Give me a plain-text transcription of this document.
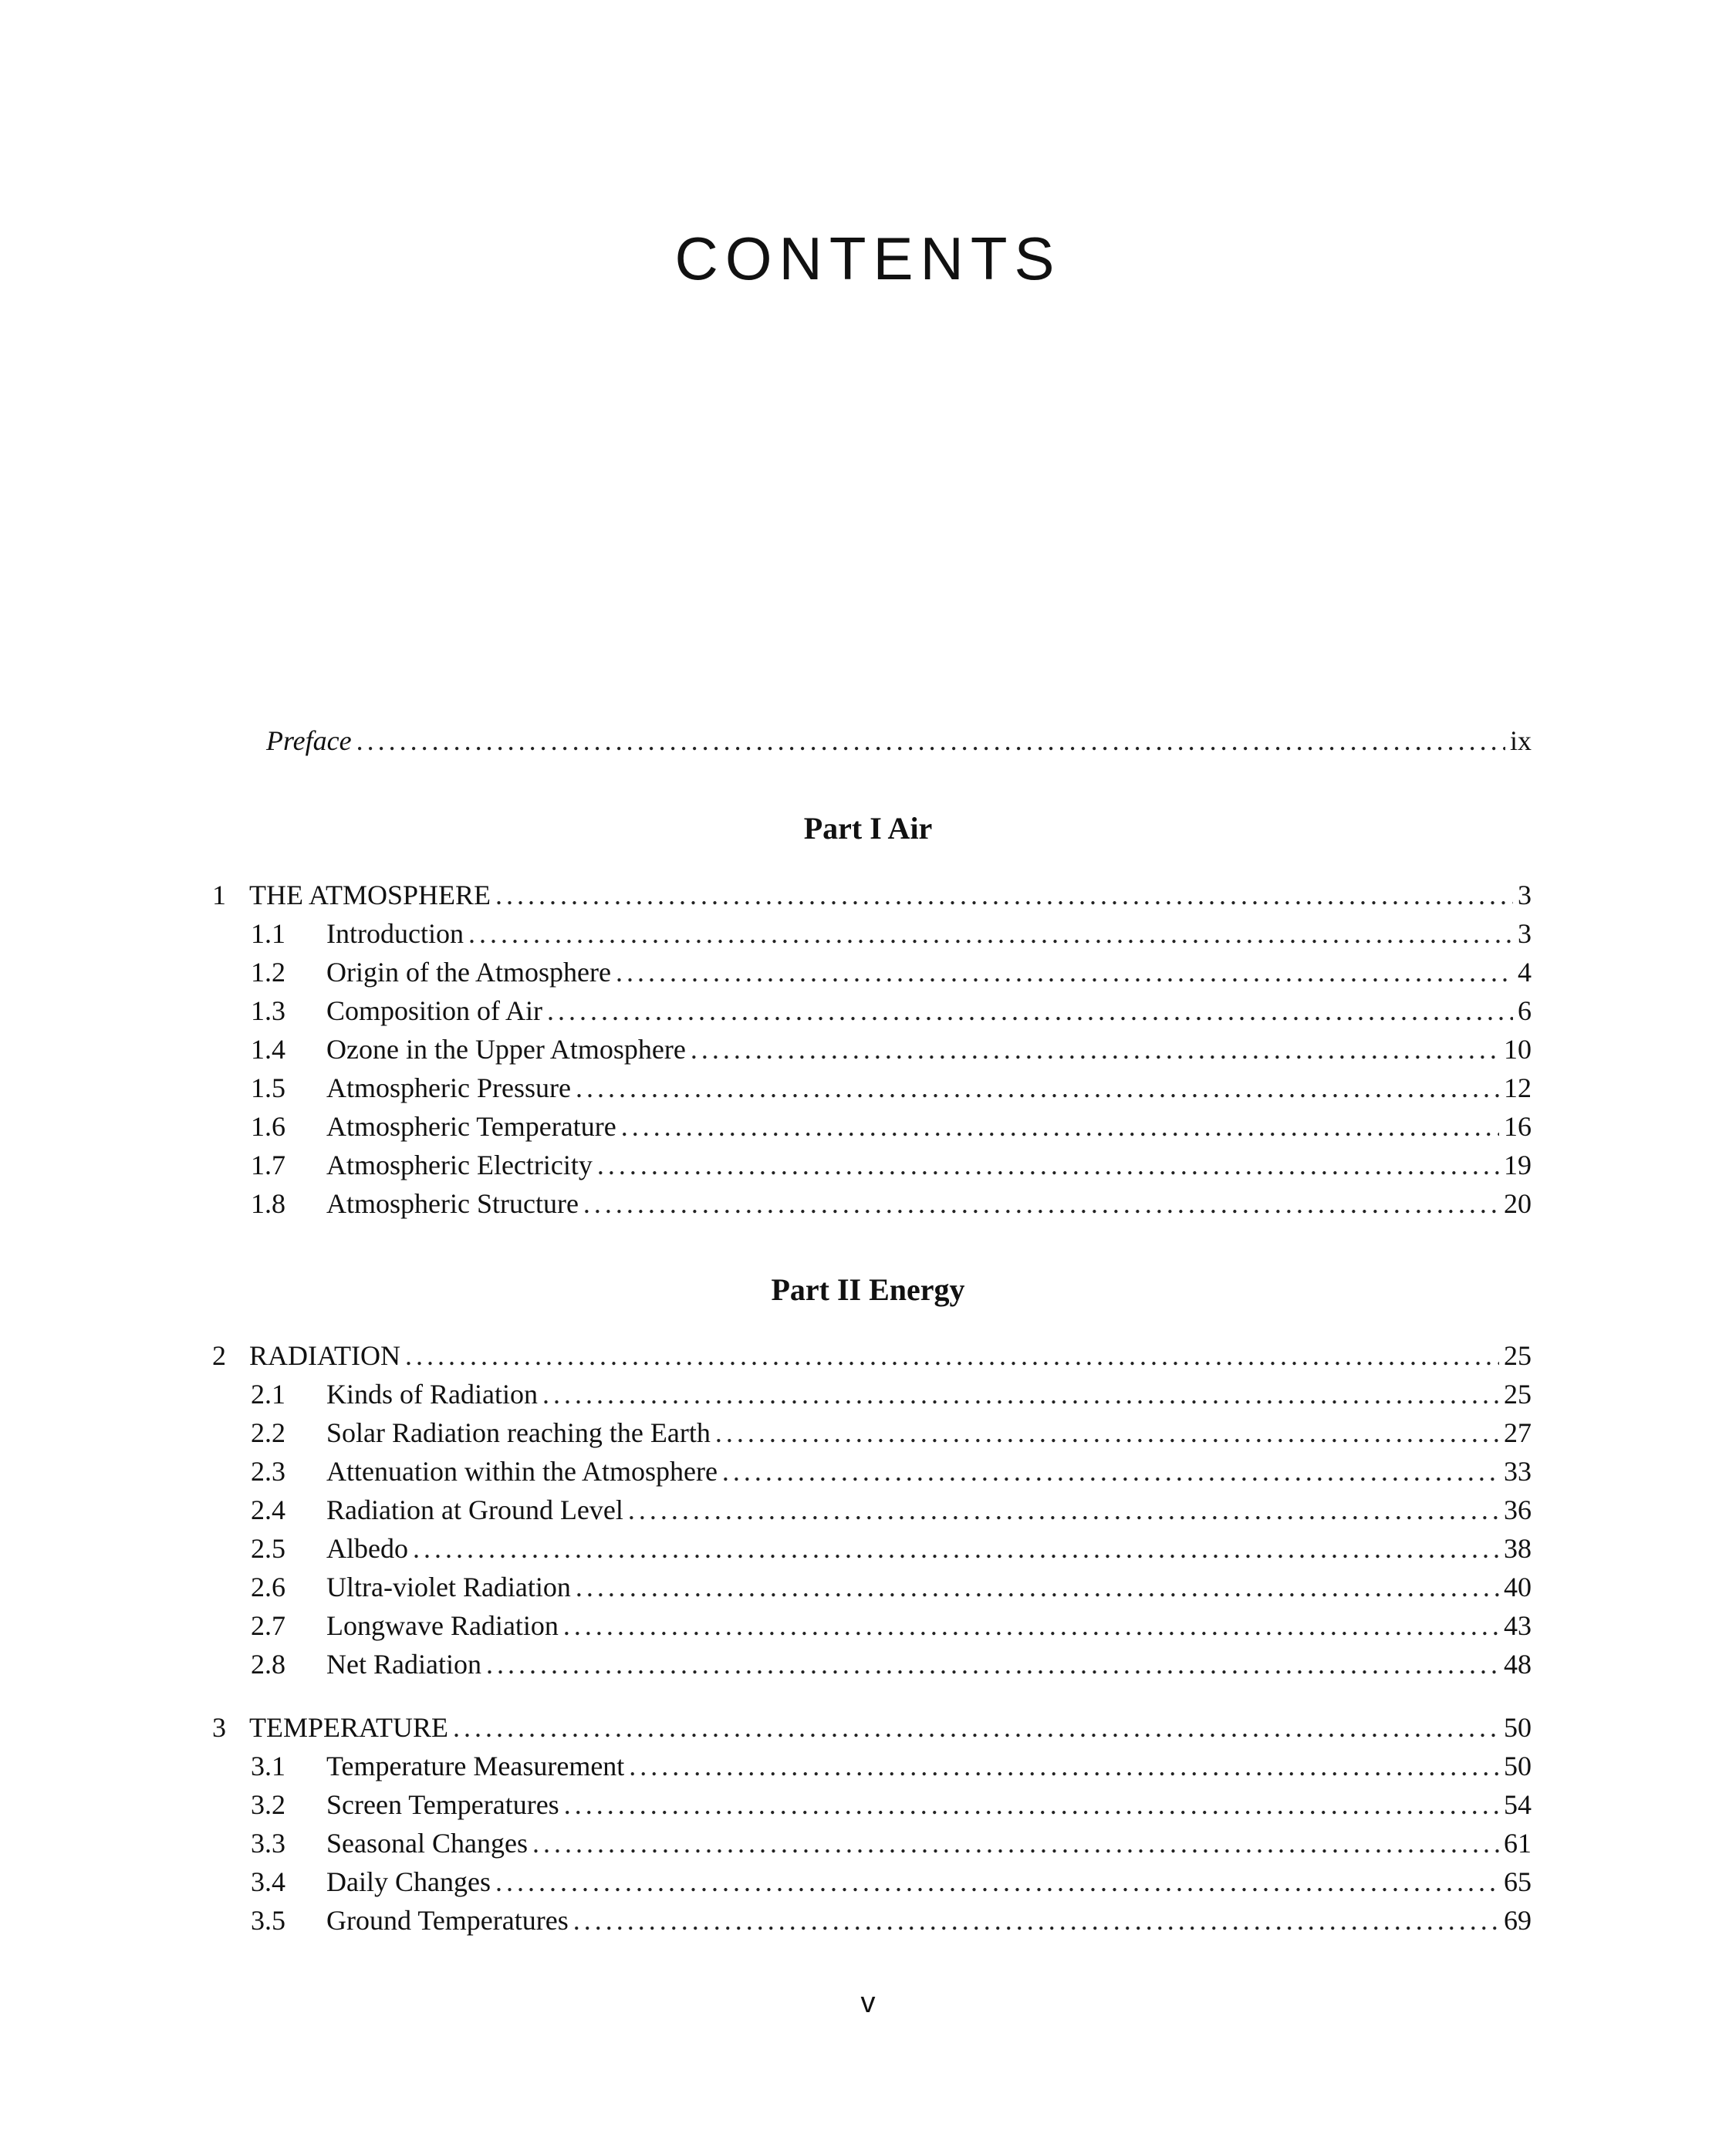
CONTENTS
Preface . . .	ix
Part I Air
1 THE ATMOSPHERE . . .	3
1.1	Introduction . . .	3
1.2	Origin of the Atmosphere . . .	4
1.3	Composition of Air . . .	6
1.4	Ozone in the Upper Atmosphere . . .	10
1.5	Atmospheric Pressure . . .	12
1.6	Atmospheric Temperature . . .	16
1.7	Atmospheric Electricity . . .	19
1.8	Atmospheric Structure . . .	20
Part II Energy
2 RADIATION . . .	25
2.1	Kinds of Radiation . . .	25
2.2	Solar Radiation reaching the Earth . . .	27
2.3	Attenuation within the Atmosphere . . .	33
2.4	Radiation at Ground Level . . .	36
2.5	Albedo . . .	38
2.6	Ultra-violet Radiation . . .	40
2.7	Longwave Radiation . . .	43
2.8	Net Radiation . . .	48
3 TEMPERATURE . . .	50
3.1	Temperature Measurement . . .	50
3.2	Screen Temperatures . . .	54
3.3	Seasonal Changes . . .	61
3.4	Daily Changes . . .	65
3.5	Ground Temperatures . . .	69
v
